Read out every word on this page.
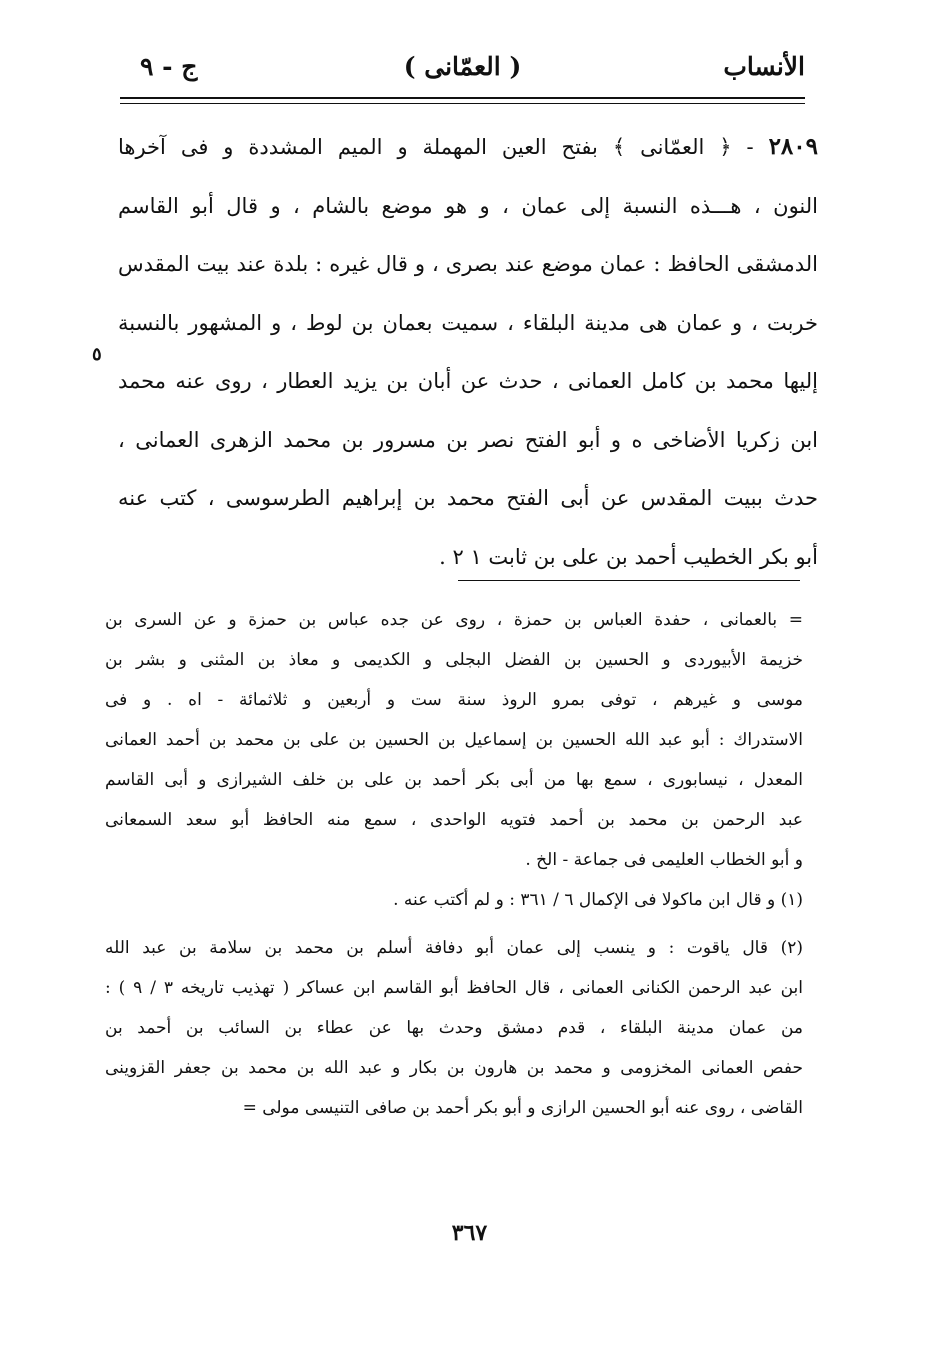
الأنساب
( العمّانى )
ج - ٩
٢٨٠٩ - ﴿ العمّانى ﴾ بفتح العين المهملة و الميم المشددة و فى آخرها
النون ، هـــذه النسبة إلى عمان ، و هو موضع بالشام ، و قال أبو القاسم
الدمشقى الحافظ : عمان موضع عند بصرى ، و قال غيره : بلدة عند بيت المقدس
خربت ، و عمان هى مدينة البلقاء ، سميت بعمان بن لوط ، و المشهور بالنسبة
إليها محمد بن كامل العمانى ، حدث عن أبان بن يزيد العطار ، روى عنه محمد
ابن زكريا الأضاخى ه و أبو الفتح نصر بن مسرور بن محمد الزهرى العمانى ،
حدث ببيت المقدس عن أبى الفتح محمد بن إبراهيم الطرسوسى ، كتب عنه
أبو بكر الخطيب أحمد بن على بن ثابت ١ ٢ .
٥
= بالعمانى ، حفدة العباس بن حمزة ، روى عن جده عباس بن حمزة و عن السرى بن
خزيمة الأبيوردى و الحسين بن الفضل البجلى و الكديمى و معاذ بن المثنى و بشر بن
موسى و غيرهم ، توفى بمرو الروذ سنة ست و أربعين و ثلاثمائة - اه . و فى
الاستدراك : أبو عبد الله الحسين بن إسماعيل بن الحسين بن على بن محمد بن أحمد العمانى
المعدل ، نيسابورى ، سمع بها من أبى بكر أحمد بن على بن خلف الشيرازى و أبى القاسم
عبد الرحمن بن محمد بن أحمد فتويه الواحدى ، سمع منه الحافظ أبو سعد السمعانى
و أبو الخطاب العليمى فى جماعة - الخ .
(١) و قال ابن ماكولا فى الإكمال ٦ / ٣٦١ : و لم أكتب عنه .
(٢) قال ياقوت : و ينسب إلى عمان أبو دفافة أسلم بن محمد بن سلامة بن عبد الله
ابن عبد الرحمن الكنانى العمانى ، قال الحافظ أبو القاسم ابن عساكر ( تهذيب تاريخه ٣ / ٩ ) :
من عمان مدينة البلقاء ، قدم دمشق وحدث بها عن عطاء بن السائب بن أحمد بن
حفص العمانى المخزومى و محمد بن هارون بن بكار و عبد الله بن محمد بن جعفر القزوينى
القاضى ، روى عنه أبو الحسين الرازى و أبو بكر أحمد بن صافى التنيسى مولى =
٣٦٧
